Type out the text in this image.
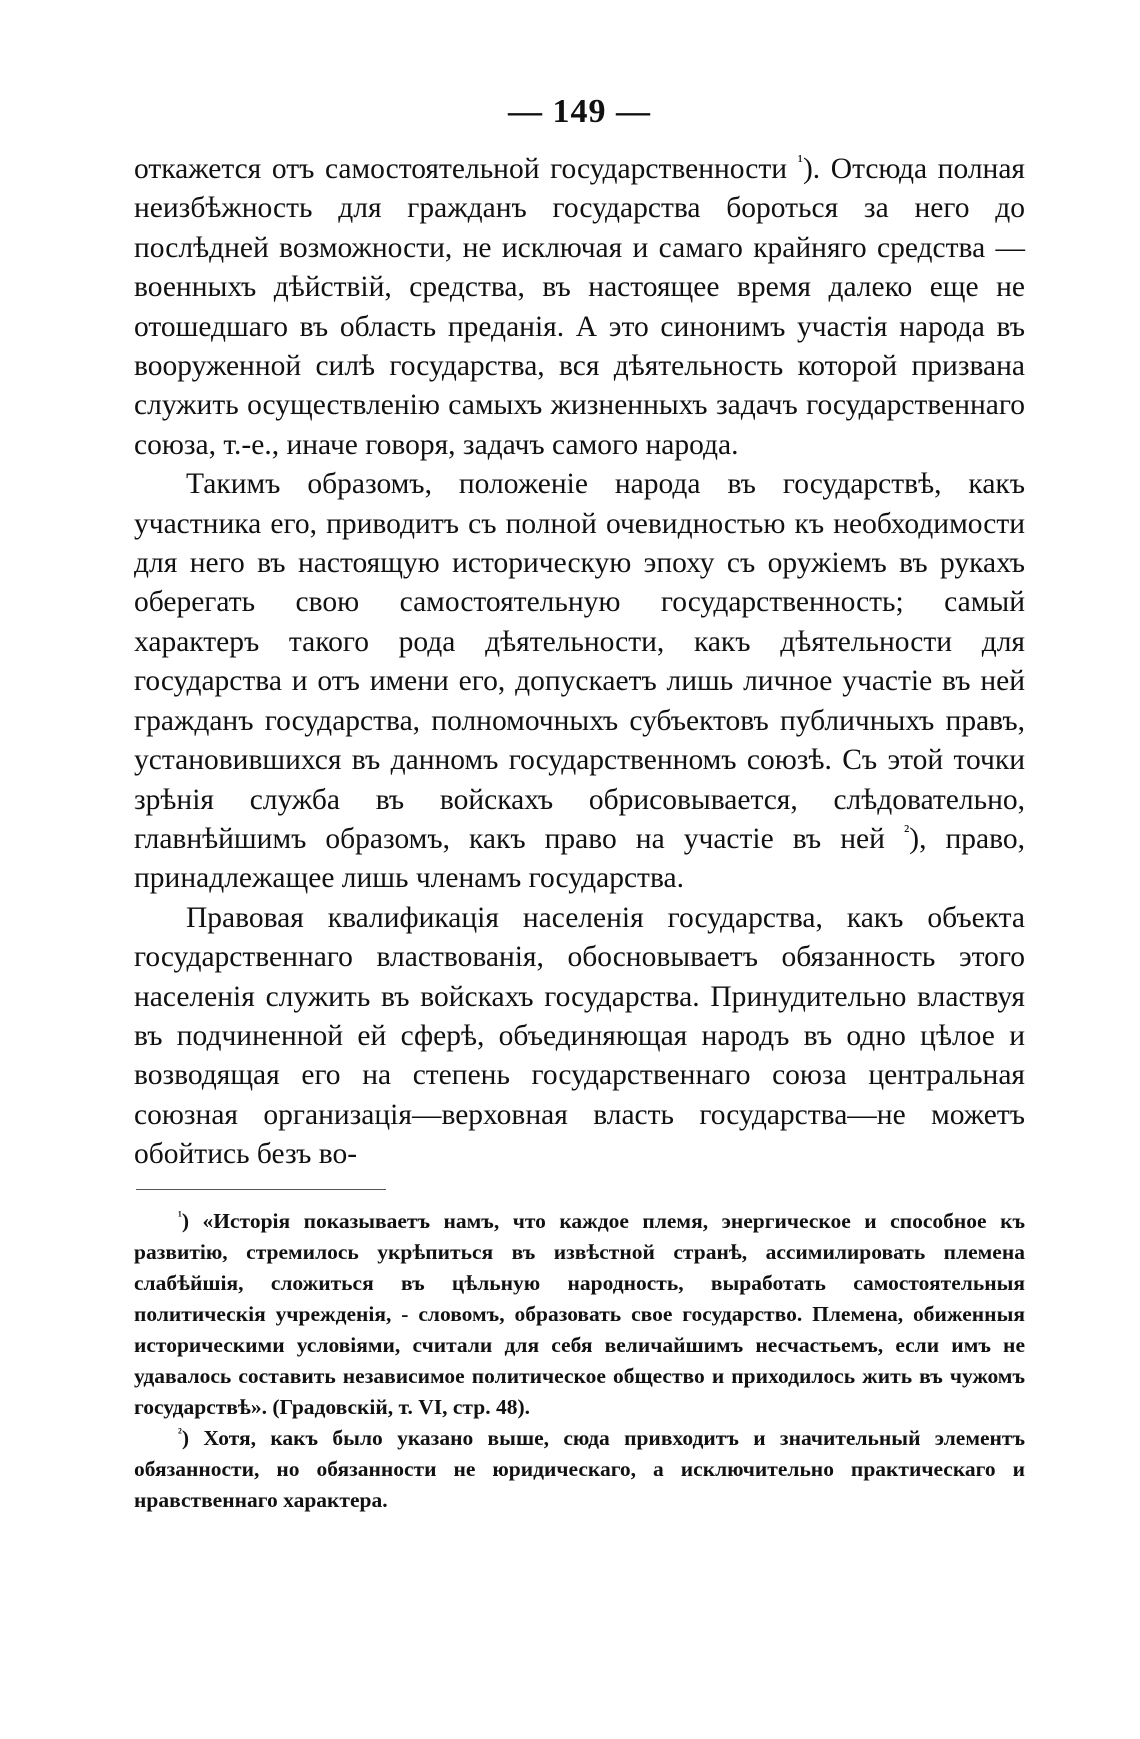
— 149 —

откажется отъ самостоятельной государственности $^{^1}$). Отсюда полная неизбѣжность для гражданъ государства бороться за него до послѣдней возможности, не исключая и самаго крайняго средства — военныхъ дѣйствій, средства, въ настоящее время далеко еще не отошедшаго въ область преданія. А это синонимъ участія народа въ вооруженной силѣ государства, вся дѣятельность которой призвана служить осуществленію самыхъ жизненныхъ задачъ государственнаго союза, т.-е., иначе говоря, задачъ самого народа.

Такимъ образомъ, положеніе народа въ государствѣ, какъ участника его, приводитъ съ полной очевидностью къ необходимости для него въ настоящую историческую эпоху съ оружіемъ въ рукахъ оберегать свою самостоятельную государственность; самый характеръ такого рода дѣятельности, какъ дѣятельности для государства и отъ имени его, допускаетъ лишь личное участіе въ ней гражданъ государства, полномочныхъ субъектовъ публичныхъ правъ, установившихся въ данномъ государственномъ союзѣ. Съ этой точки зрѣнія служба въ войскахъ обрисовывается, слѣдовательно, главнѣйшимъ образомъ, какъ право на участіе въ ней $^{^2}$), право, принадлежащее лишь членамъ государства.

Правовая квалификація населенія государства, какъ объекта государственнаго властвованія, обосновываетъ обязанность этого населенія служить въ войскахъ государства. Принудительно властвуя въ подчиненной ей сферѣ, объединяющая народъ въ одно цѣлое и возводящая его на степень государственнаго союза центральная союзная организація—верховная власть государства—не можетъ обойтись безъ во-

$^{^1}$) «Исторія показываетъ намъ, что каждое племя, энергическое и способное къ развитію, стремилось укрѣпиться въ извѣстной странѣ, ассимилировать племена слабѣйшія, сложиться въ цѣльную народность, выработать самостоятельныя политическія учрежденія, - словомъ, образовать свое государство. Племена, обиженныя историческими условіями, считали для себя величайшимъ несчастьемъ, если имъ не удавалось составить независимое политическое общество и приходилось жить въ чужомъ государствѣ». (Градовскій, т. VI, стр. 48).

$^{^2}$) Хотя, какъ было указано выше, сюда привходитъ и значительный элементъ обязанности, но обязанности не юридическаго, а исключительно практическаго и нравственнаго характера.
